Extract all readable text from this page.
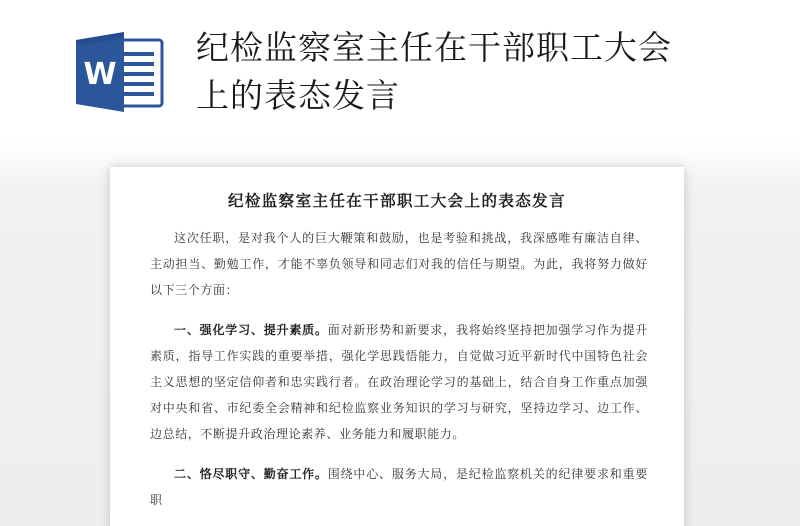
W
纪检监察室主任在干部职工大会
上的表态发言
纪检监察室主任在干部职工大会上的表态发言

这次任职，是对我个人的巨大鞭策和鼓励，也是考验和挑战，我深感唯有廉洁自律、主动担当、勤勉工作，才能不辜负领导和同志们对我的信任与期望。为此，我将努力做好以下三个方面：

一、强化学习、提升素质。面对新形势和新要求，我将始终坚持把加强学习作为提升素质，指导工作实践的重要举措，强化学思践悟能力，自觉做习近平新时代中国特色社会主义思想的坚定信仰者和忠实践行者。在政治理论学习的基础上，结合自身工作重点加强对中央和省、市纪委全会精神和纪检监察业务知识的学习与研究，坚持边学习、边工作、边总结，不断提升政治理论素养、业务能力和履职能力。

二、恪尽职守、勤奋工作。围绕中心、服务大局，是纪检监察机关的纪律要求和重要职
